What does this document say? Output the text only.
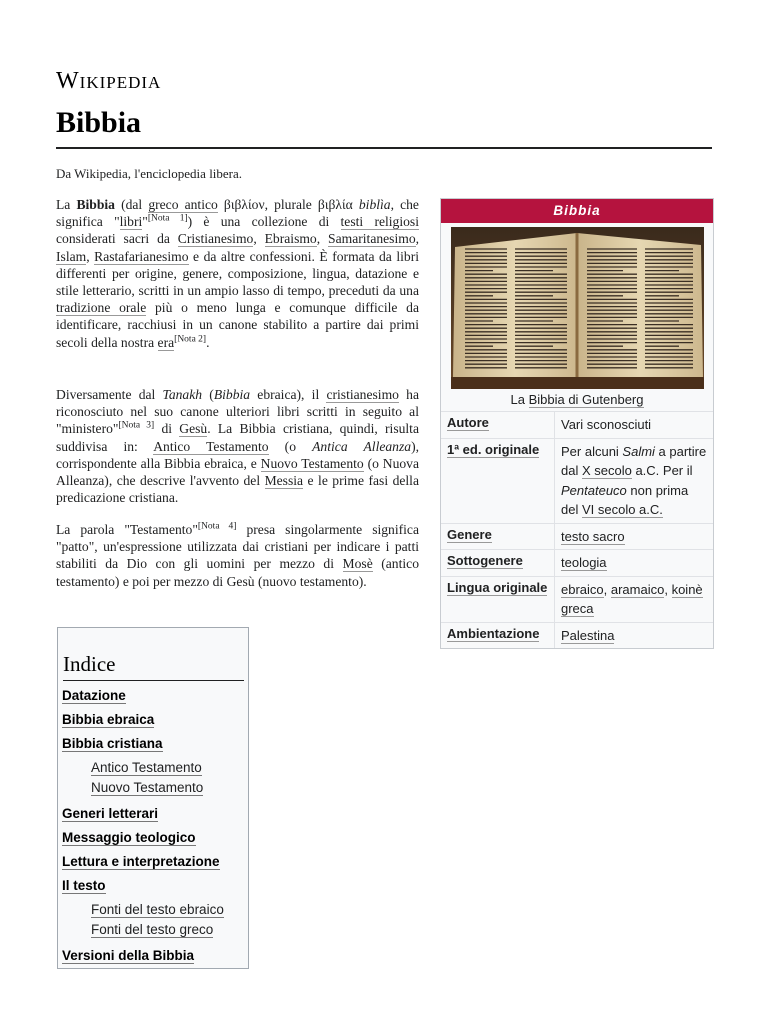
Wikipedia
Bibbia
Da Wikipedia, l'enciclopedia libera.

La Bibbia (dal greco antico βιβλίον, plurale βιβλία biblìa, che significa "libri"[Nota 1]) è una collezione di testi religiosi considerati sacri da Cristianesimo, Ebraismo, Samaritanesimo, Islam, Rastafarianesimo e da altre confessioni. È formata da libri differenti per origine, genere, composizione, lingua, datazione e stile letterario, scritti in un ampio lasso di tempo, preceduti da una tradizione orale più o meno lunga e comunque difficile da identificare, racchiusi in un canone stabilito a partire dai primi secoli della nostra era[Nota 2].

Diversamente dal Tanakh (Bibbia ebraica), il cristianesimo ha riconosciuto nel suo canone ulteriori libri scritti in seguito al "ministero"[Nota 3] di Gesù. La Bibbia cristiana, quindi, risulta suddivisa in: Antico Testamento (o Antica Alleanza), corrispondente alla Bibbia ebraica, e Nuovo Testamento (o Nuova Alleanza), che descrive l'avvento del Messia e le prime fasi della predicazione cristiana.

La parola "Testamento"[Nota 4] presa singolarmente significa "patto", un'espressione utilizzata dai cristiani per indicare i patti stabiliti da Dio con gli uomini per mezzo di Mosè (antico testamento) e poi per mezzo di Gesù (nuovo testamento).

Bibbia
La Bibbia di Gutenberg
Autore	Vari sconosciuti
1ª ed. originale	Per alcuni Salmi a partire dal X secolo a.C. Per il Pentateuco non prima del VI secolo a.C.
Genere	testo sacro
Sottogenere	teologia
Lingua originale	ebraico, aramaico, koinè greca
Ambientazione	Palestina
Indice
Datazione
Bibbia ebraica
Bibbia cristiana
Antico Testamento
Nuovo Testamento
Generi letterari
Messaggio teologico
Lettura e interpretazione
Il testo
Fonti del testo ebraico
Fonti del testo greco
Versioni della Bibbia
